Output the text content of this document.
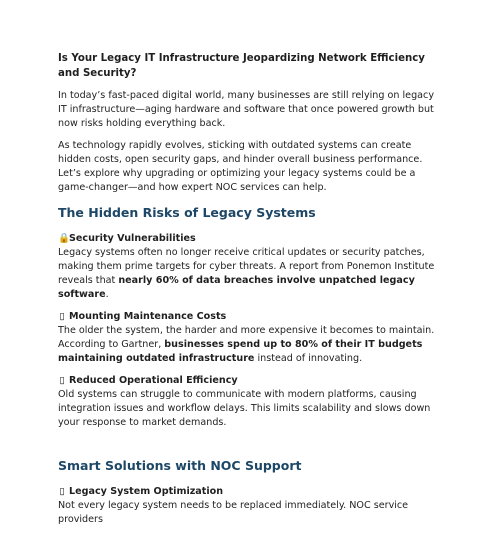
Is Your Legacy IT Infrastructure Jeopardizing Network Efficiency and Security?

In today’s fast-paced digital world, many businesses are still relying on legacy IT infrastructure—aging hardware and software that once powered growth but now risks holding everything back.

As technology rapidly evolves, sticking with outdated systems can create hidden costs, open security gaps, and hinder overall business performance. Let’s explore why upgrading or optimizing your legacy systems could be a game-changer—and how expert NOC services can help.

The Hidden Risks of Legacy Systems
🔒Security Vulnerabilities

Legacy systems often no longer receive critical updates or security patches, making them prime targets for cyber threats. A report from Ponemon Institute reveals that nearly 60% of data breaches involve unpatched legacy software.

▯ Mounting Maintenance Costs

The older the system, the harder and more expensive it becomes to maintain. According to Gartner, businesses spend up to 80% of their IT budgets maintaining outdated infrastructure instead of innovating.

▯ Reduced Operational Efficiency

Old systems can struggle to communicate with modern platforms, causing integration issues and workflow delays. This limits scalability and slows down your response to market demands.

Smart Solutions with NOC Support
▯ Legacy System Optimization

Not every legacy system needs to be replaced immediately. NOC service providers
